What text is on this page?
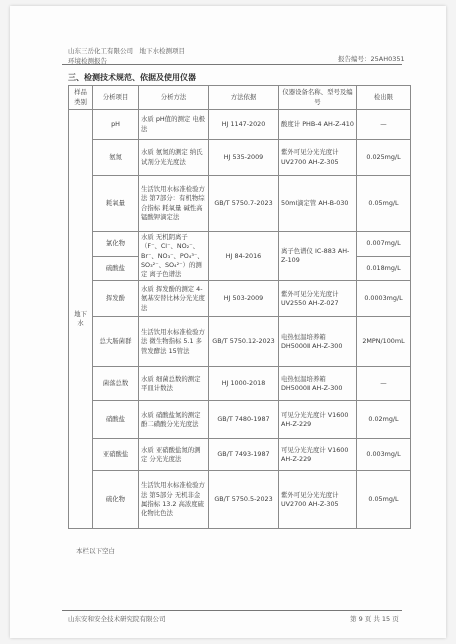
山东三岳化工有限公司　地下水检测项目
环境检测报告	报告编号：25AH0351
三、检测技术规范、依据及使用仪器
样品类别	分析项目	分析方法	方法依据	仪器设备名称、型号及编号	检出限
地下水	pH	水质 pH值的测定 电极法	HJ 1147-2020	酸度计 PHB-4 AH-Z-410	—
	氨氮	水质 氨氮的测定 纳氏试剂分光光度法	HJ 535-2009	紫外可见分光光度计 UV2700 AH-Z-305	0.025mg/L
	耗氧量	生活饮用水标准检验方法 第7部分：有机物综合指标 耗氧量 碱性高锰酸钾滴定法	GB/T 5750.7-2023	50ml滴定管 AH-B-030	0.05mg/L
	氯化物	水质 无机阴离子（F⁻、Cl⁻、NO₂⁻、Br⁻、NO₃⁻、PO₄³⁻、SO₃²⁻、SO₄²⁻）的测定 离子色谱法	HJ 84-2016	离子色谱仪 IC-883 AH-Z-109	0.007mg/L
	硫酸盐				0.018mg/L
	挥发酚	水质 挥发酚的测定 4-氨基安替比林分光光度法	HJ 503-2009	紫外可见分光光度计 UV2550 AH-Z-027	0.0003mg/L
	总大肠菌群	生活饮用水标准检验方法 微生物指标 5.1 多管发酵法 15管法	GB/T 5750.12-2023	电热恒温培养箱 DH5000Ⅱ AH-Z-300	2MPN/100mL
	菌落总数	水质 细菌总数的测定 平皿计数法	HJ 1000-2018	电热恒温培养箱 DH5000Ⅱ AH-Z-300	—
	硝酸盐	水质 硝酸盐氮的测定 酚二磺酸分光光度法	GB/T 7480-1987	可见分光光度计 V1600 AH-Z-229	0.02mg/L
	亚硝酸盐	水质 亚硝酸盐氮的测定 分光光度法	GB/T 7493-1987	可见分光光度计 V1600 AH-Z-229	0.003mg/L
	硫化物	生活饮用水标准检验方法 第5部分 无机非金属指标 13.2 高浓度硫化物比色法	GB/T 5750.5-2023	紫外可见分光光度计 UV2700 AH-Z-305	0.05mg/L
本栏以下空白
山东安和安全技术研究院有限公司	第 9 页 共 15 页
